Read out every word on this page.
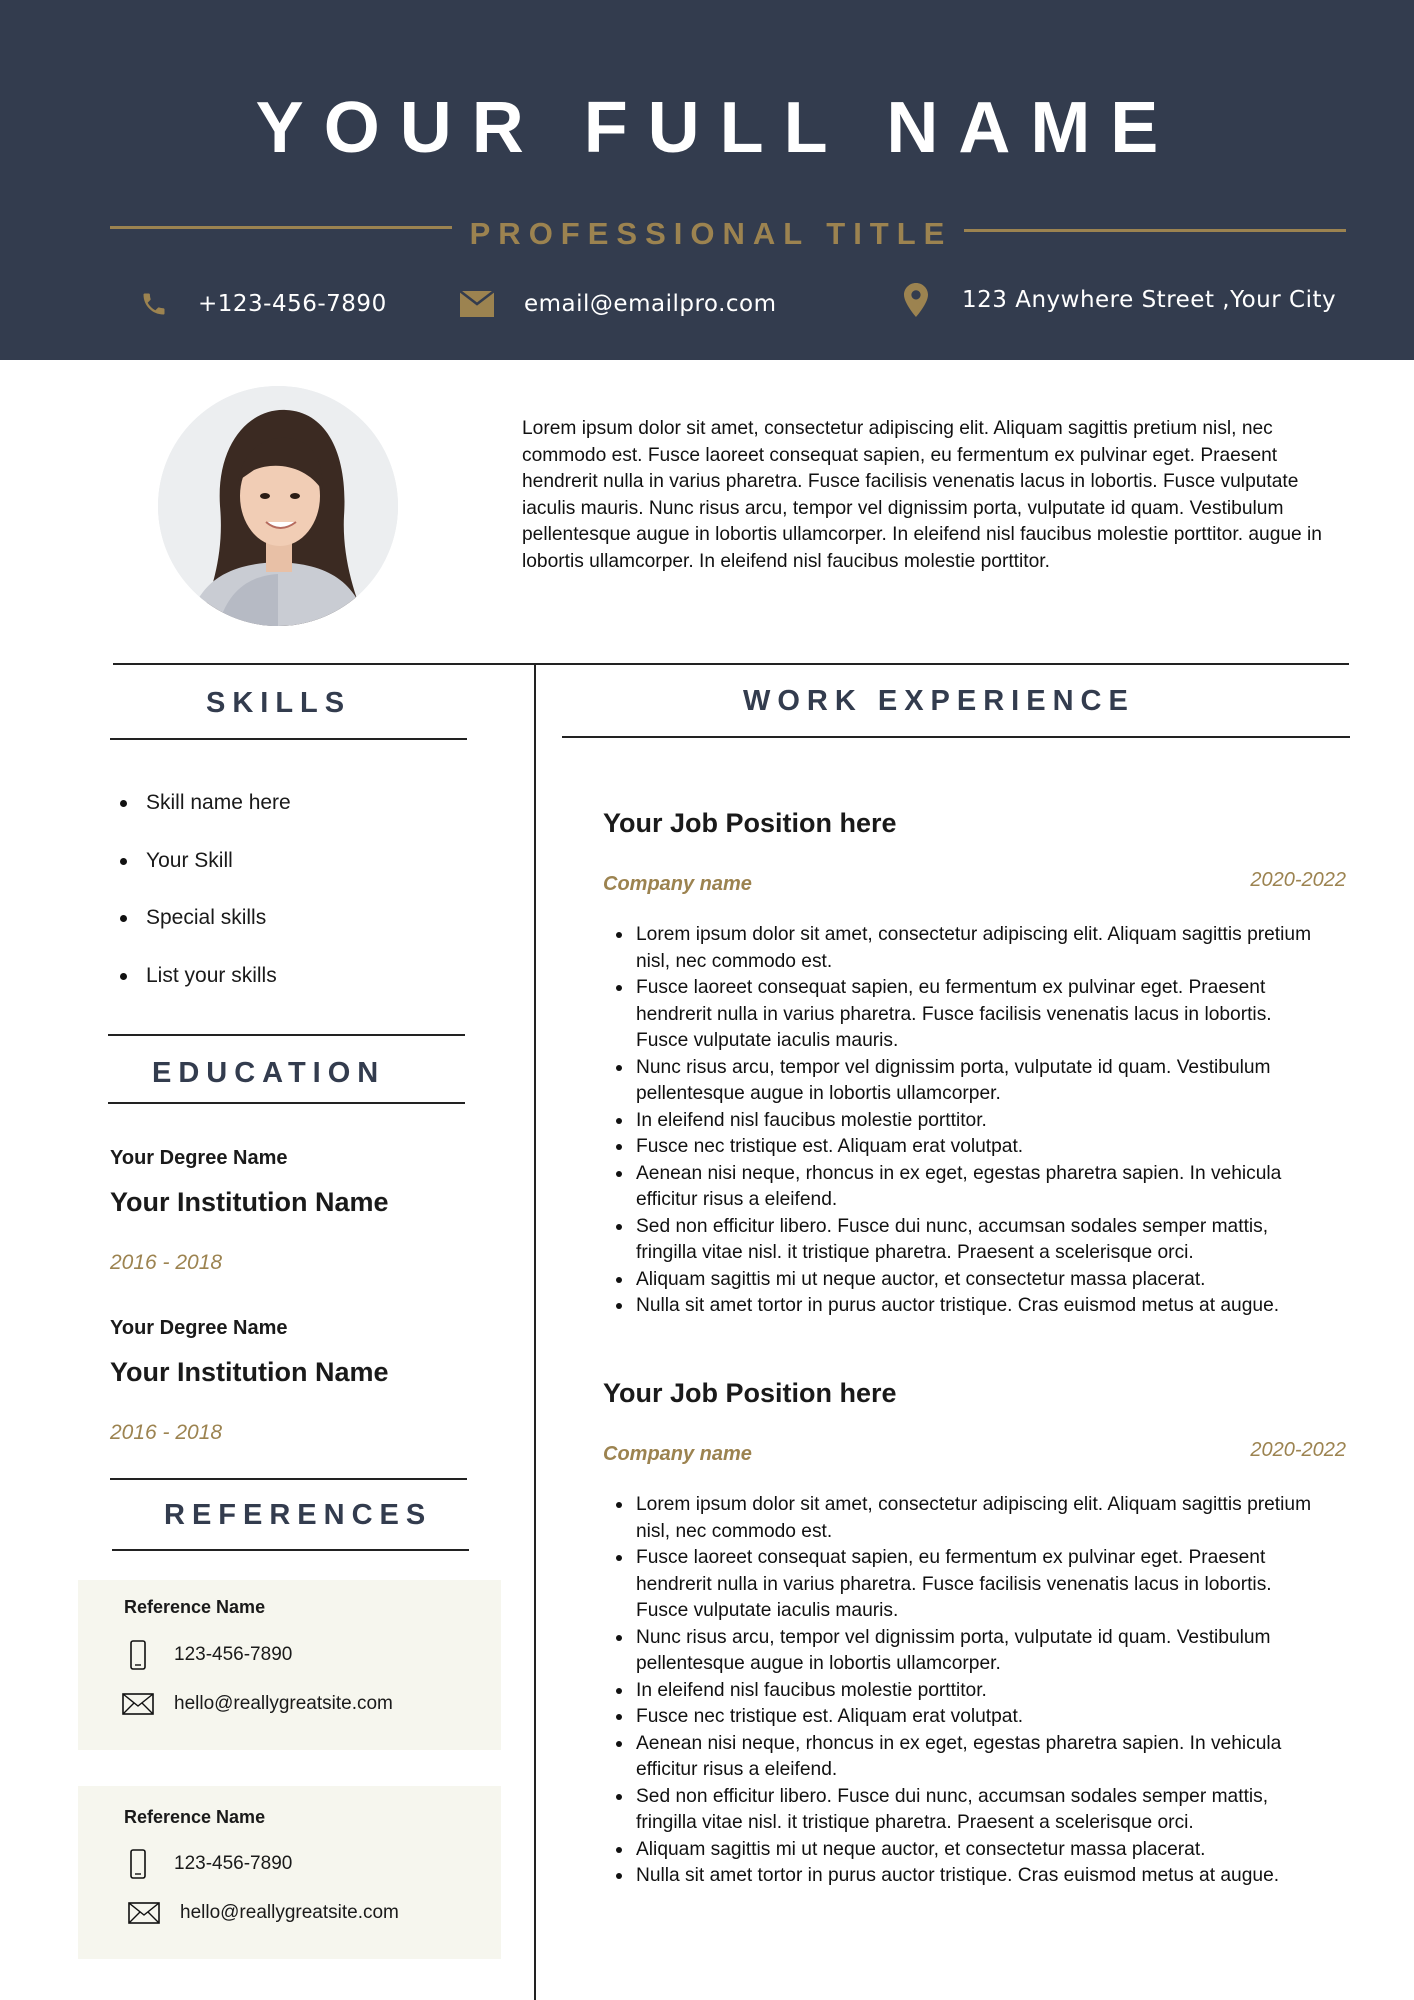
YOUR FULL NAME
PROFESSIONAL TITLE
+123-456-7890	email@emailpro.com	123 Anywhere Street ,Your City
Lorem ipsum dolor sit amet, consectetur adipiscing elit. Aliquam sagittis pretium nisl, nec commodo est. Fusce laoreet consequat sapien, eu fermentum ex pulvinar eget. Praesent hendrerit nulla in varius pharetra. Fusce facilisis venenatis lacus in lobortis. Fusce vulputate iaculis mauris. Nunc risus arcu, tempor vel dignissim porta, vulputate id quam. Vestibulum pellentesque augue in lobortis ullamcorper. In eleifend nisl faucibus molestie porttitor. augue in lobortis ullamcorper. In eleifend nisl faucibus molestie porttitor.
SKILLS
Skill name here
Your Skill
Special skills
List your skills
EDUCATION
Your Degree Name
Your Institution Name
2016 - 2018
Your Degree Name
Your Institution Name
2016 - 2018
REFERENCES
Reference Name
123-456-7890
hello@reallygreatsite.com
Reference Name
123-456-7890
hello@reallygreatsite.com
WORK EXPERIENCE
Your Job Position here
Company name	2020-2022
Lorem ipsum dolor sit amet, consectetur adipiscing elit. Aliquam sagittis pretium nisl, nec commodo est.
Fusce laoreet consequat sapien, eu fermentum ex pulvinar eget. Praesent hendrerit nulla in varius pharetra. Fusce facilisis venenatis lacus in lobortis. Fusce vulputate iaculis mauris.
Nunc risus arcu, tempor vel dignissim porta, vulputate id quam. Vestibulum pellentesque augue in lobortis ullamcorper.
In eleifend nisl faucibus molestie porttitor.
Fusce nec tristique est. Aliquam erat volutpat.
Aenean nisi neque, rhoncus in ex eget, egestas pharetra sapien. In vehicula efficitur risus a eleifend.
Sed non efficitur libero. Fusce dui nunc, accumsan sodales semper mattis, fringilla vitae nisl. it tristique pharetra. Praesent a scelerisque orci.
Aliquam sagittis mi ut neque auctor, et consectetur massa placerat.
Nulla sit amet tortor in purus auctor tristique. Cras euismod metus at augue.
Your Job Position here
Company name	2020-2022
Lorem ipsum dolor sit amet, consectetur adipiscing elit. Aliquam sagittis pretium nisl, nec commodo est.
Fusce laoreet consequat sapien, eu fermentum ex pulvinar eget. Praesent hendrerit nulla in varius pharetra. Fusce facilisis venenatis lacus in lobortis. Fusce vulputate iaculis mauris.
Nunc risus arcu, tempor vel dignissim porta, vulputate id quam. Vestibulum pellentesque augue in lobortis ullamcorper.
In eleifend nisl faucibus molestie porttitor.
Fusce nec tristique est. Aliquam erat volutpat.
Aenean nisi neque, rhoncus in ex eget, egestas pharetra sapien. In vehicula efficitur risus a eleifend.
Sed non efficitur libero. Fusce dui nunc, accumsan sodales semper mattis, fringilla vitae nisl. it tristique pharetra. Praesent a scelerisque orci.
Aliquam sagittis mi ut neque auctor, et consectetur massa placerat.
Nulla sit amet tortor in purus auctor tristique. Cras euismod metus at augue.
